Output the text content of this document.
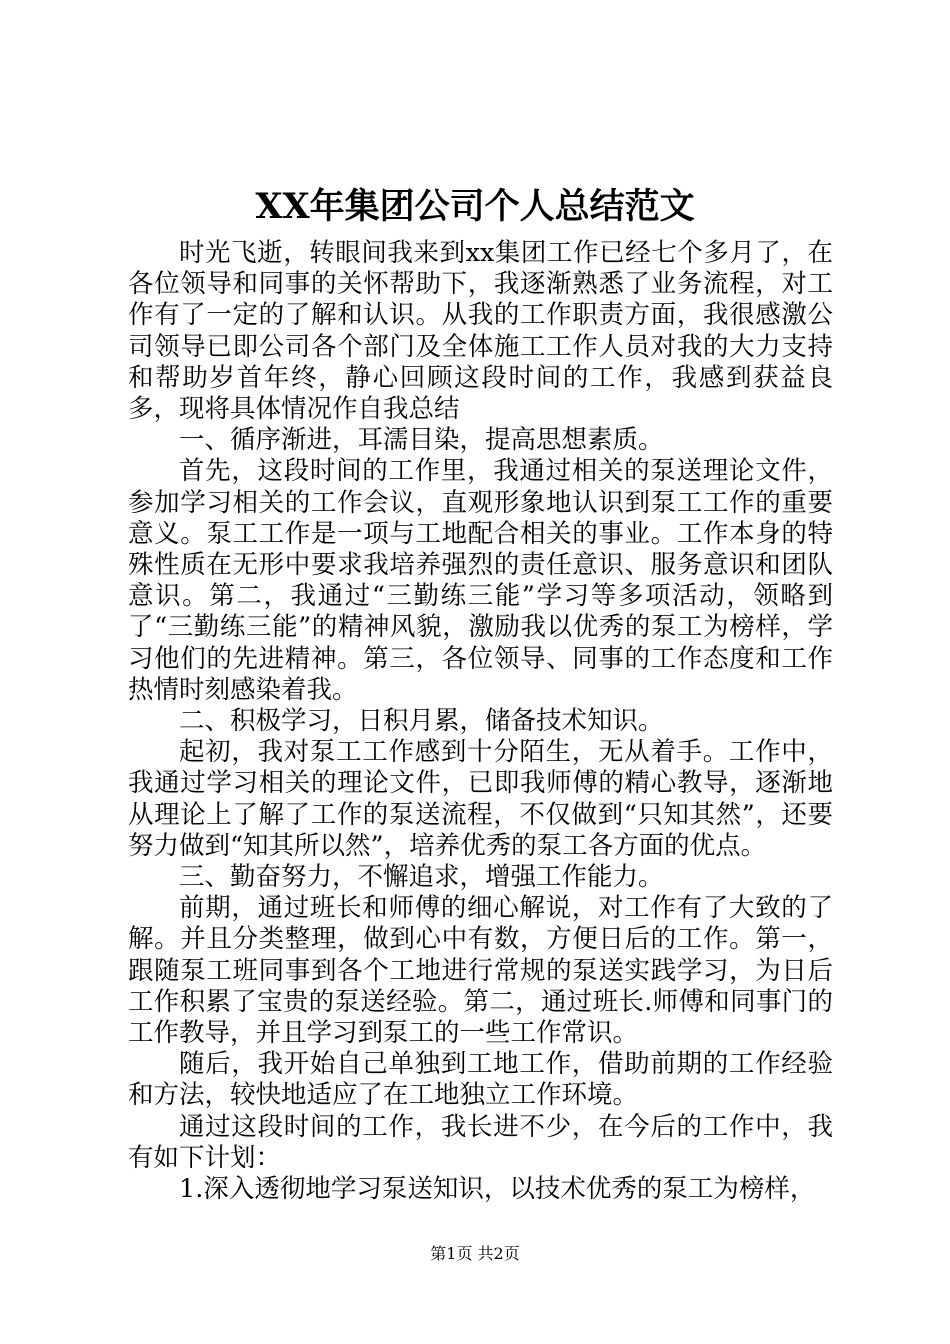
XX年集团公司个人总结范文

时光飞逝，转眼间我来到xx集团工作已经七个多月了，在各位领导和同事的关怀帮助下，我逐渐熟悉了业务流程，对工作有了一定的了解和认识。从我的工作职责方面，我很感激公司领导已即公司各个部门及全体施工工作人员对我的大力支持和帮助岁首年终，静心回顾这段时间的工作，我感到获益良多，现将具体情况作自我总结

一、循序渐进，耳濡目染，提高思想素质。

首先，这段时间的工作里，我通过相关的泵送理论文件，参加学习相关的工作会议，直观形象地认识到泵工工作的重要意义。泵工工作是一项与工地配合相关的事业。工作本身的特殊性质在无形中要求我培养强烈的责任意识、服务意识和团队意识。第二，我通过“三勤练三能”学习等多项活动，领略到了“三勤练三能”的精神风貌，激励我以优秀的泵工为榜样，学习他们的先进精神。第三，各位领导、同事的工作态度和工作热情时刻感染着我。

二、积极学习，日积月累，储备技术知识。

起初，我对泵工工作感到十分陌生，无从着手。工作中，我通过学习相关的理论文件，已即我师傅的精心教导，逐渐地从理论上了解了工作的泵送流程，不仅做到“只知其然”，还要努力做到“知其所以然”，培养优秀的泵工各方面的优点。

三、勤奋努力，不懈追求，增强工作能力。

前期，通过班长和师傅的细心解说，对工作有了大致的了解。并且分类整理，做到心中有数，方便日后的工作。第一，跟随泵工班同事到各个工地进行常规的泵送实践学习，为日后工作积累了宝贵的泵送经验。第二，通过班长.师傅和同事门的工作教导，并且学习到泵工的一些工作常识。

随后，我开始自己单独到工地工作，借助前期的工作经验和方法，较快地适应了在工地独立工作环境。

通过这段时间的工作，我长进不少，在今后的工作中，我有如下计划：

1.深入透彻地学习泵送知识，以技术优秀的泵工为榜样，

第1页 共2页
